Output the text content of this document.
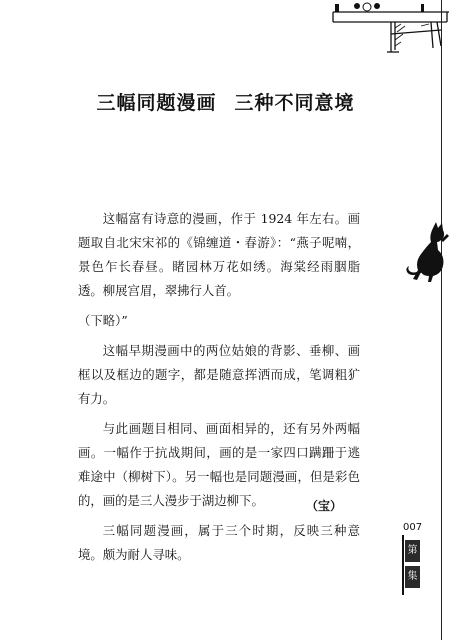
三幅同题漫画 三种不同意境

这幅富有诗意的漫画，作于 1924 年左右。画题取自北宋宋祁的《锦缠道・春游》：“燕子呢喃，景色乍长春昼。睹园林万花如绣。海棠经雨胭脂透。柳展宫眉，翠拂行人首。

（下略）”

这幅早期漫画中的两位姑娘的背影、垂柳、画框以及框边的题字，都是随意挥洒而成，笔调粗犷有力。

与此画题目相同、画面相异的，还有另外两幅画。一幅作于抗战期间，画的是一家四口蹒跚于逃难途中（柳树下）。另一幅也是同题漫画，但是彩色的，画的是三人漫步于湖边柳下。

三幅同题漫画，属于三个时期，反映三种意境。颇为耐人寻味。

（宝）
007
第
集
